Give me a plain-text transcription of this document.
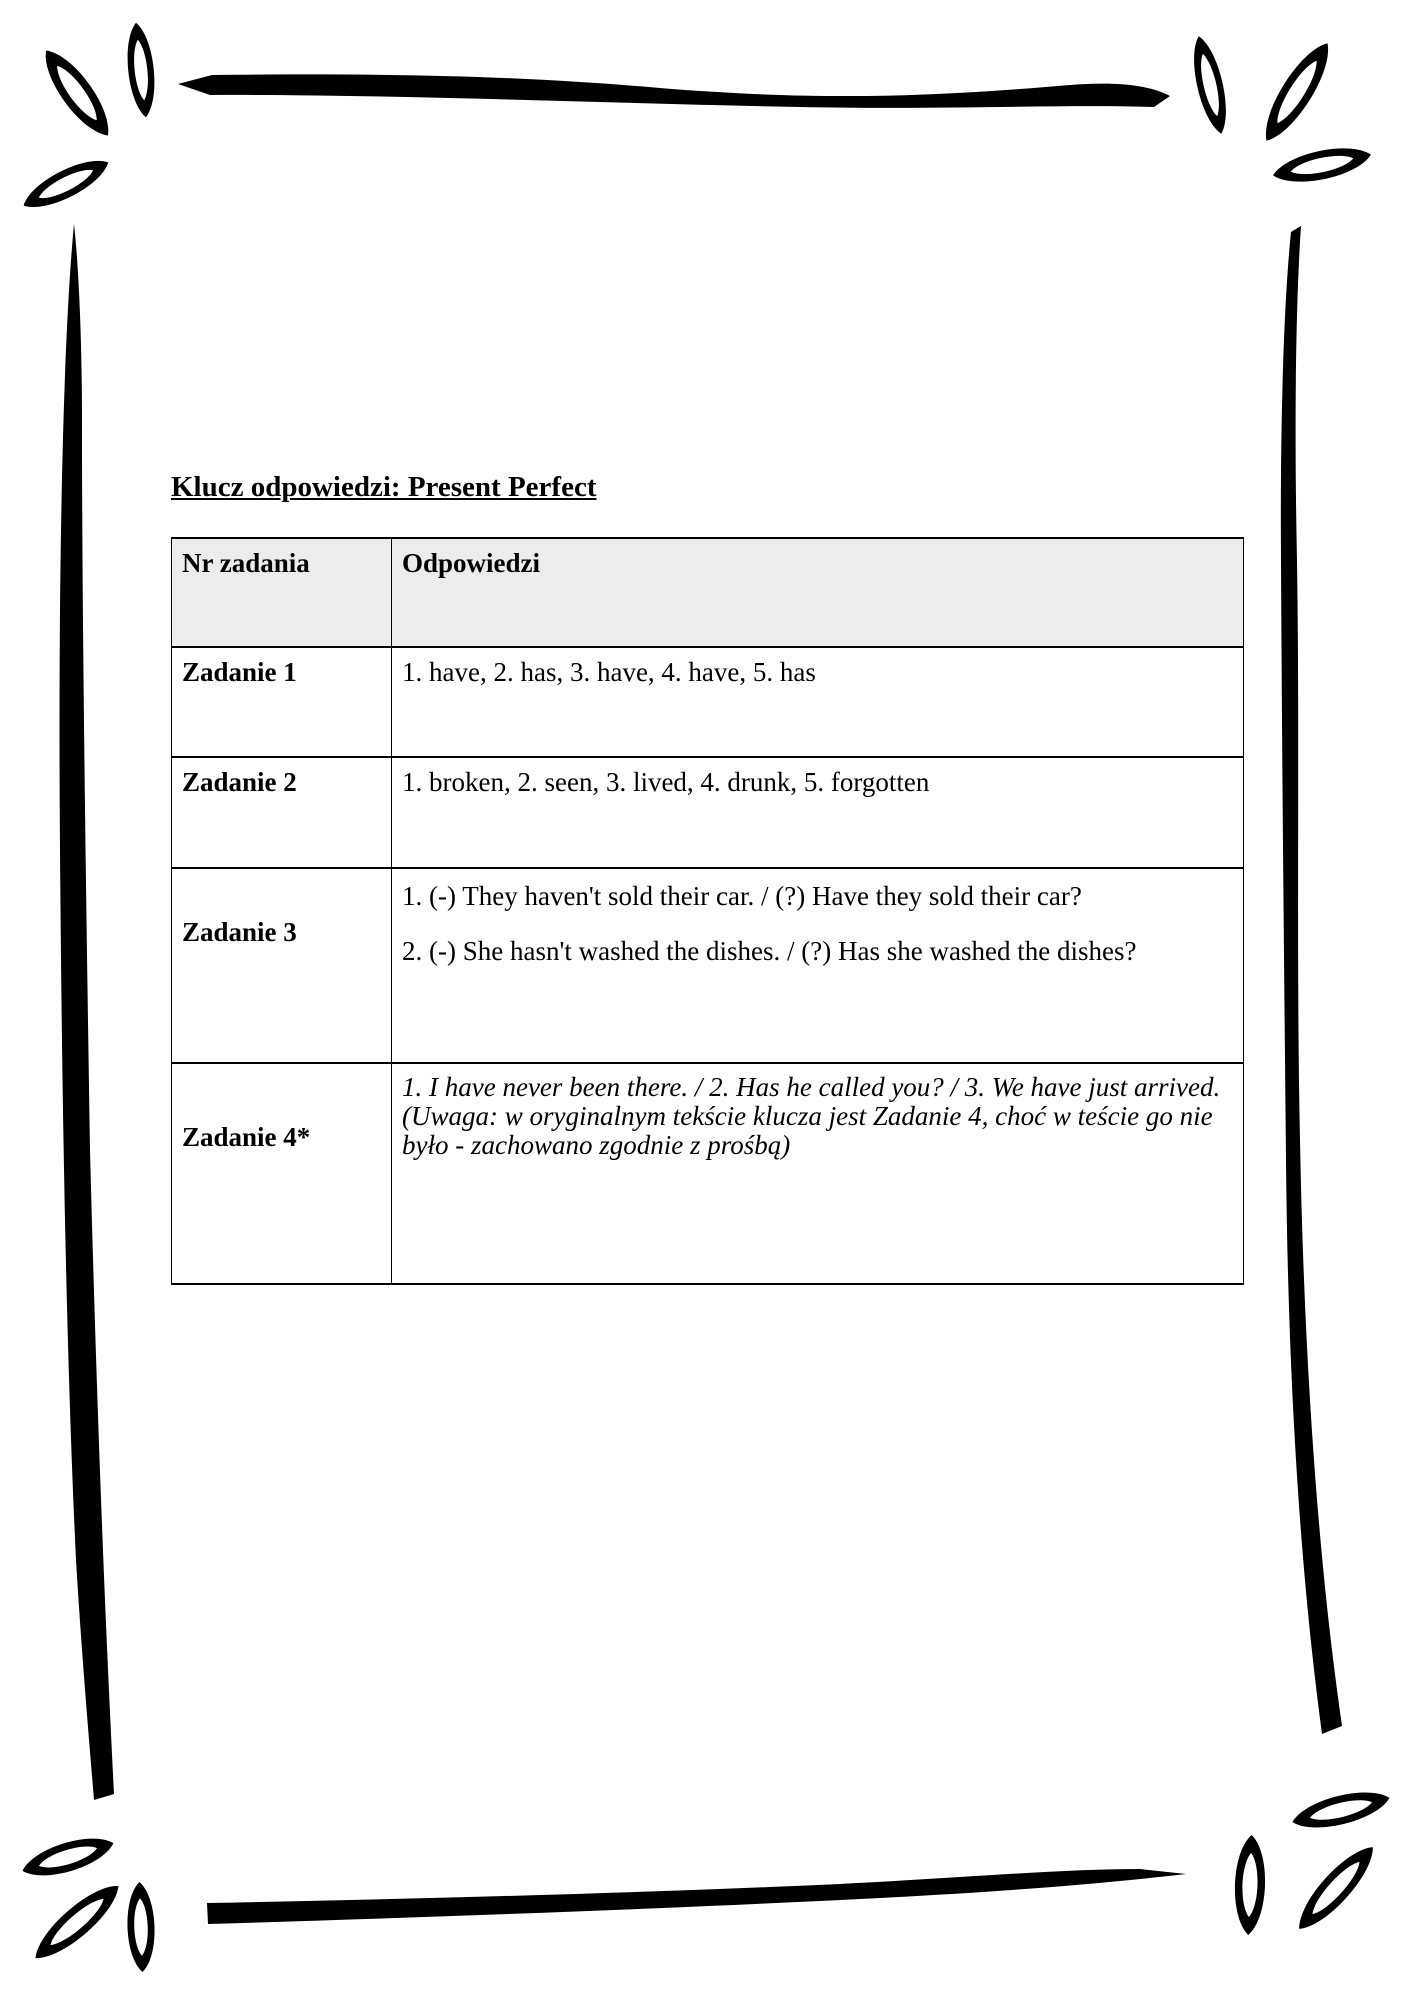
Klucz odpowiedzi: Present Perfect
Nr zadania	Odpowiedzi
Zadanie 1	1. have, 2. has, 3. have, 4. have, 5. has

Zadanie 2	1. broken, 2. seen, 3. lived, 4. drunk, 5. forgotten

Zadanie 3	1. (-) They haven't sold their car. / (?) Have they sold their car?

2. (-) She hasn't washed the dishes. / (?) Has she washed the dishes?

Zadanie 4*	1. I have never been there. / 2. Has he called you? / 3. We have just arrived.

(Uwaga: w oryginalnym tekście klucza jest Zadanie 4, choć w teście go nie było - zachowano zgodnie z prośbą)
